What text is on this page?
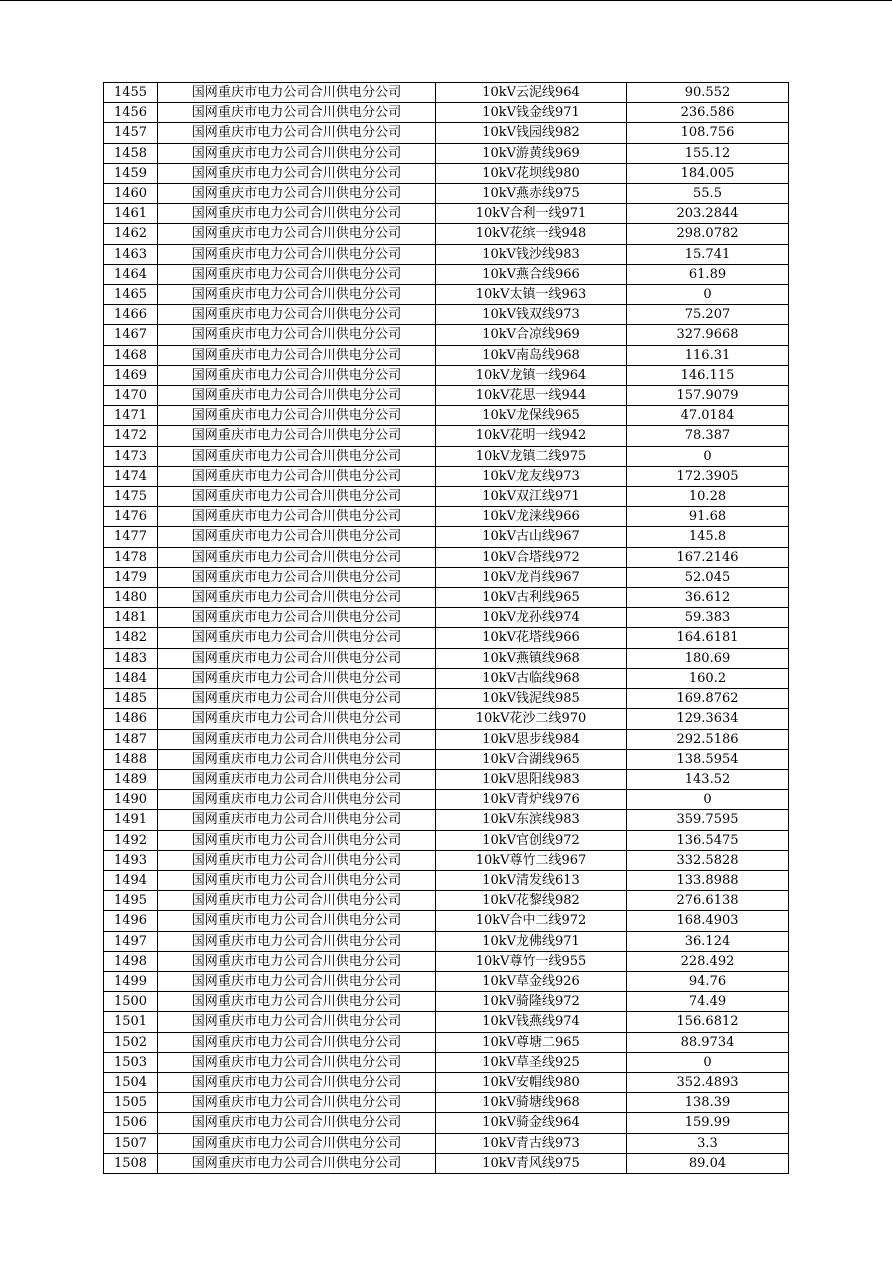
1455	国网重庆市电力公司合川供电分公司	10kV云泥线964	90.552
1456	国网重庆市电力公司合川供电分公司	10kV钱金线971	236.586
1457	国网重庆市电力公司合川供电分公司	10kV钱园线982	108.756
1458	国网重庆市电力公司合川供电分公司	10kV游黄线969	155.12
1459	国网重庆市电力公司合川供电分公司	10kV花坝线980	184.005
1460	国网重庆市电力公司合川供电分公司	10kV燕赤线975	55.5
1461	国网重庆市电力公司合川供电分公司	10kV合利一线971	203.2844
1462	国网重庆市电力公司合川供电分公司	10kV花缤一线948	298.0782
1463	国网重庆市电力公司合川供电分公司	10kV钱沙线983	15.741
1464	国网重庆市电力公司合川供电分公司	10kV燕合线966	61.89
1465	国网重庆市电力公司合川供电分公司	10kV太镇一线963	0
1466	国网重庆市电力公司合川供电分公司	10kV钱双线973	75.207
1467	国网重庆市电力公司合川供电分公司	10kV合凉线969	327.9668
1468	国网重庆市电力公司合川供电分公司	10kV南岛线968	116.31
1469	国网重庆市电力公司合川供电分公司	10kV龙镇一线964	146.115
1470	国网重庆市电力公司合川供电分公司	10kV花思一线944	157.9079
1471	国网重庆市电力公司合川供电分公司	10kV龙保线965	47.0184
1472	国网重庆市电力公司合川供电分公司	10kV花明一线942	78.387
1473	国网重庆市电力公司合川供电分公司	10kV龙镇二线975	0
1474	国网重庆市电力公司合川供电分公司	10kV龙友线973	172.3905
1475	国网重庆市电力公司合川供电分公司	10kV双江线971	10.28
1476	国网重庆市电力公司合川供电分公司	10kV龙涞线966	91.68
1477	国网重庆市电力公司合川供电分公司	10kV古山线967	145.8
1478	国网重庆市电力公司合川供电分公司	10kV合塔线972	167.2146
1479	国网重庆市电力公司合川供电分公司	10kV龙肖线967	52.045
1480	国网重庆市电力公司合川供电分公司	10kV古利线965	36.612
1481	国网重庆市电力公司合川供电分公司	10kV龙孙线974	59.383
1482	国网重庆市电力公司合川供电分公司	10kV花塔线966	164.6181
1483	国网重庆市电力公司合川供电分公司	10kV燕镇线968	180.69
1484	国网重庆市电力公司合川供电分公司	10kV古临线968	160.2
1485	国网重庆市电力公司合川供电分公司	10kV钱泥线985	169.8762
1486	国网重庆市电力公司合川供电分公司	10kV花沙二线970	129.3634
1487	国网重庆市电力公司合川供电分公司	10kV思步线984	292.5186
1488	国网重庆市电力公司合川供电分公司	10kV合湖线965	138.5954
1489	国网重庆市电力公司合川供电分公司	10kV思阳线983	143.52
1490	国网重庆市电力公司合川供电分公司	10kV青炉线976	0
1491	国网重庆市电力公司合川供电分公司	10kV东滨线983	359.7595
1492	国网重庆市电力公司合川供电分公司	10kV官创线972	136.5475
1493	国网重庆市电力公司合川供电分公司	10kV尊竹二线967	332.5828
1494	国网重庆市电力公司合川供电分公司	10kV清发线613	133.8988
1495	国网重庆市电力公司合川供电分公司	10kV花黎线982	276.6138
1496	国网重庆市电力公司合川供电分公司	10kV合中二线972	168.4903
1497	国网重庆市电力公司合川供电分公司	10kV龙佛线971	36.124
1498	国网重庆市电力公司合川供电分公司	10kV尊竹一线955	228.492
1499	国网重庆市电力公司合川供电分公司	10kV草金线926	94.76
1500	国网重庆市电力公司合川供电分公司	10kV骑隆线972	74.49
1501	国网重庆市电力公司合川供电分公司	10kV钱燕线974	156.6812
1502	国网重庆市电力公司合川供电分公司	10kV尊塘二965	88.9734
1503	国网重庆市电力公司合川供电分公司	10kV草圣线925	0
1504	国网重庆市电力公司合川供电分公司	10kV安帽线980	352.4893
1505	国网重庆市电力公司合川供电分公司	10kV骑塘线968	138.39
1506	国网重庆市电力公司合川供电分公司	10kV骑金线964	159.99
1507	国网重庆市电力公司合川供电分公司	10kV青古线973	3.3
1508	国网重庆市电力公司合川供电分公司	10kV青风线975	89.04
